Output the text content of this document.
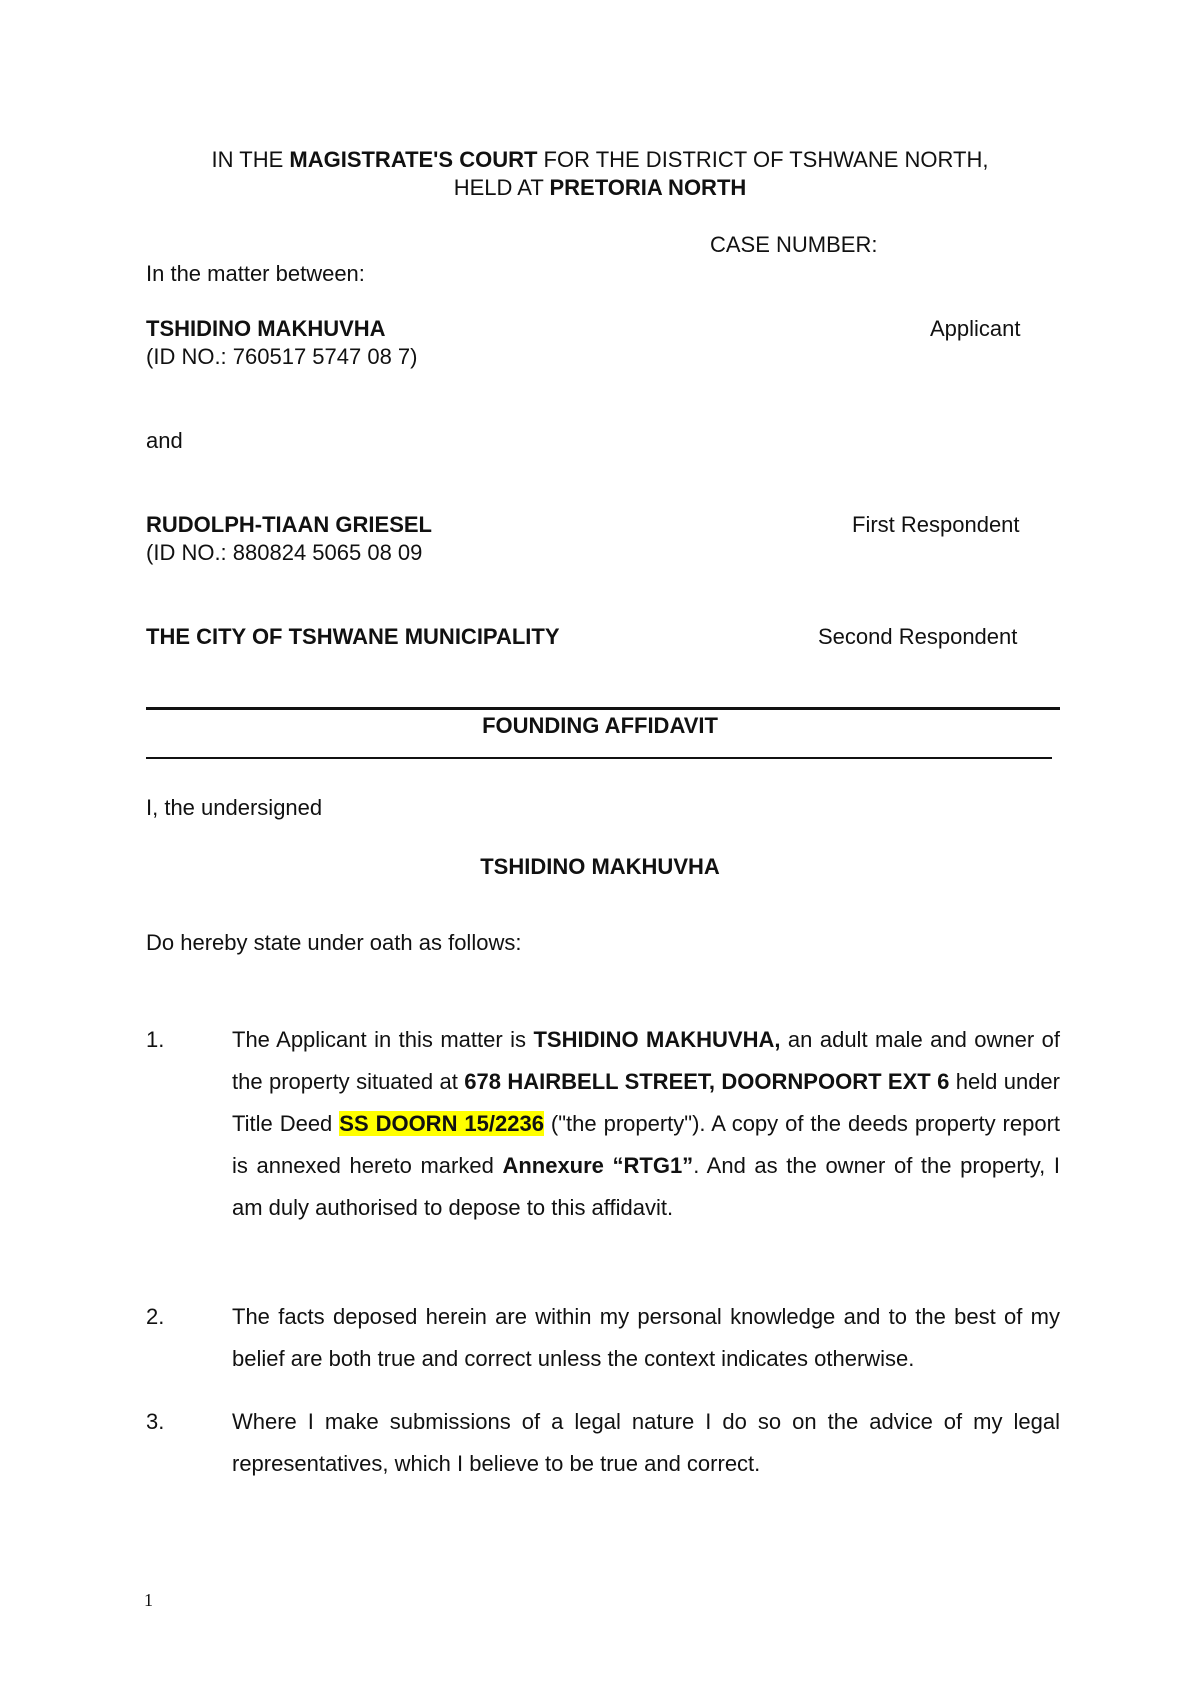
IN THE MAGISTRATE'S COURT FOR THE DISTRICT OF TSHWANE NORTH,
HELD AT PRETORIA NORTH
CASE NUMBER:
In the matter between:
TSHIDINO MAKHUVHA	Applicant
(ID NO.: 760517 5747 08 7)
and
RUDOLPH-TIAAN GRIESEL	First Respondent
(ID NO.: 880824 5065 08 09
THE CITY OF TSHWANE MUNICIPALITY	Second Respondent
FOUNDING AFFIDAVIT
I, the undersigned
TSHIDINO MAKHUVHA
Do hereby state under oath as follows:
1.	The Applicant in this matter is TSHIDINO MAKHUVHA, an adult male and owner of the property situated at 678 HAIRBELL STREET, DOORNPOORT EXT 6 held under Title Deed SS DOORN 15/2236 ("the property"). A copy of the deeds property report is annexed hereto marked Annexure “RTG1”. And as the owner of the property, I am duly authorised to depose to this affidavit.
2.	The facts deposed herein are within my personal knowledge and to the best of my belief are both true and correct unless the context indicates otherwise.
3.	Where I make submissions of a legal nature I do so on the advice of my legal representatives, which I believe to be true and correct.
1
